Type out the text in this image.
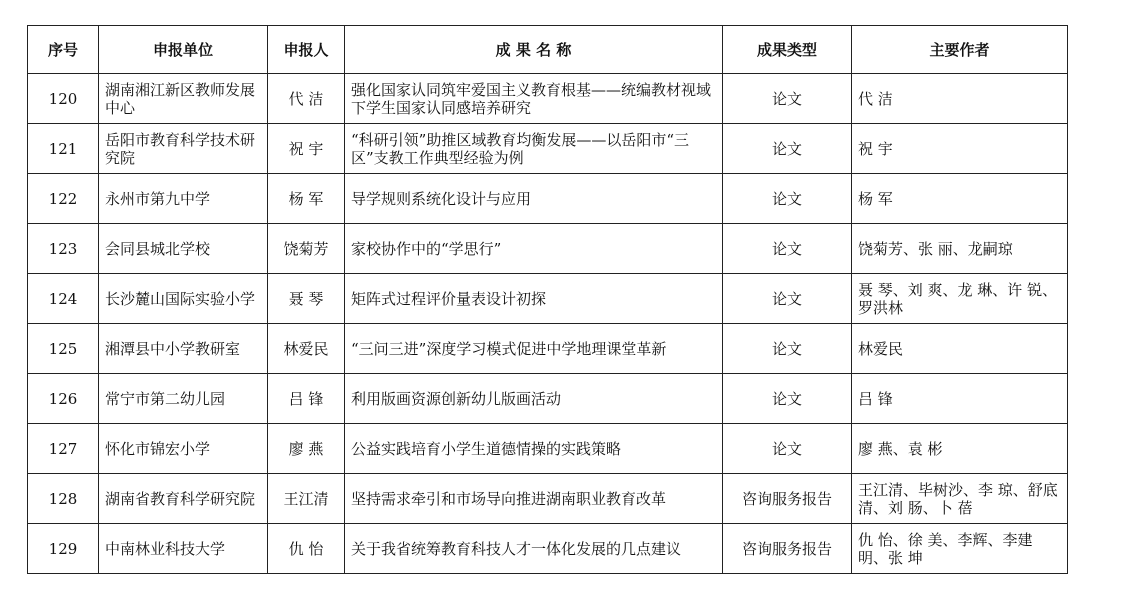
序号	申报单位	申报人	成 果 名 称	成果类型	主要作者
120	湖南湘江新区教师发展中心	代 洁	强化国家认同筑牢爱国主义教育根基——统编教材视域下学生国家认同感培养研究	论文	代 洁
121	岳阳市教育科学技术研究院	祝 宇	“科研引领”助推区域教育均衡发展——以岳阳市“三区”支教工作典型经验为例	论文	祝 宇
122	永州市第九中学	杨 军	导学规则系统化设计与应用	论文	杨 军
123	会同县城北学校	饶菊芳	家校协作中的“学思行”	论文	饶菊芳、张 丽、龙嗣琼
124	长沙麓山国际实验小学	聂 琴	矩阵式过程评价量表设计初探	论文	聂 琴、刘 爽、龙 琳、许 锐、罗洪林
125	湘潭县中小学教研室	林爱民	“三问三进”深度学习模式促进中学地理课堂革新	论文	林爱民
126	常宁市第二幼儿园	吕 锋	利用版画资源创新幼儿版画活动	论文	吕 锋
127	怀化市锦宏小学	廖 燕	公益实践培育小学生道德情操的实践策略	论文	廖 燕、袁 彬
128	湖南省教育科学研究院	王江清	坚持需求牵引和市场导向推进湖南职业教育改革	咨询服务报告	王江清、毕树沙、李 琼、舒底清、刘 肠、卜 蓓
129	中南林业科技大学	仇 怡	关于我省统筹教育科技人才一体化发展的几点建议	咨询服务报告	仇 怡、徐 美、李辉、李建明、张 坤
